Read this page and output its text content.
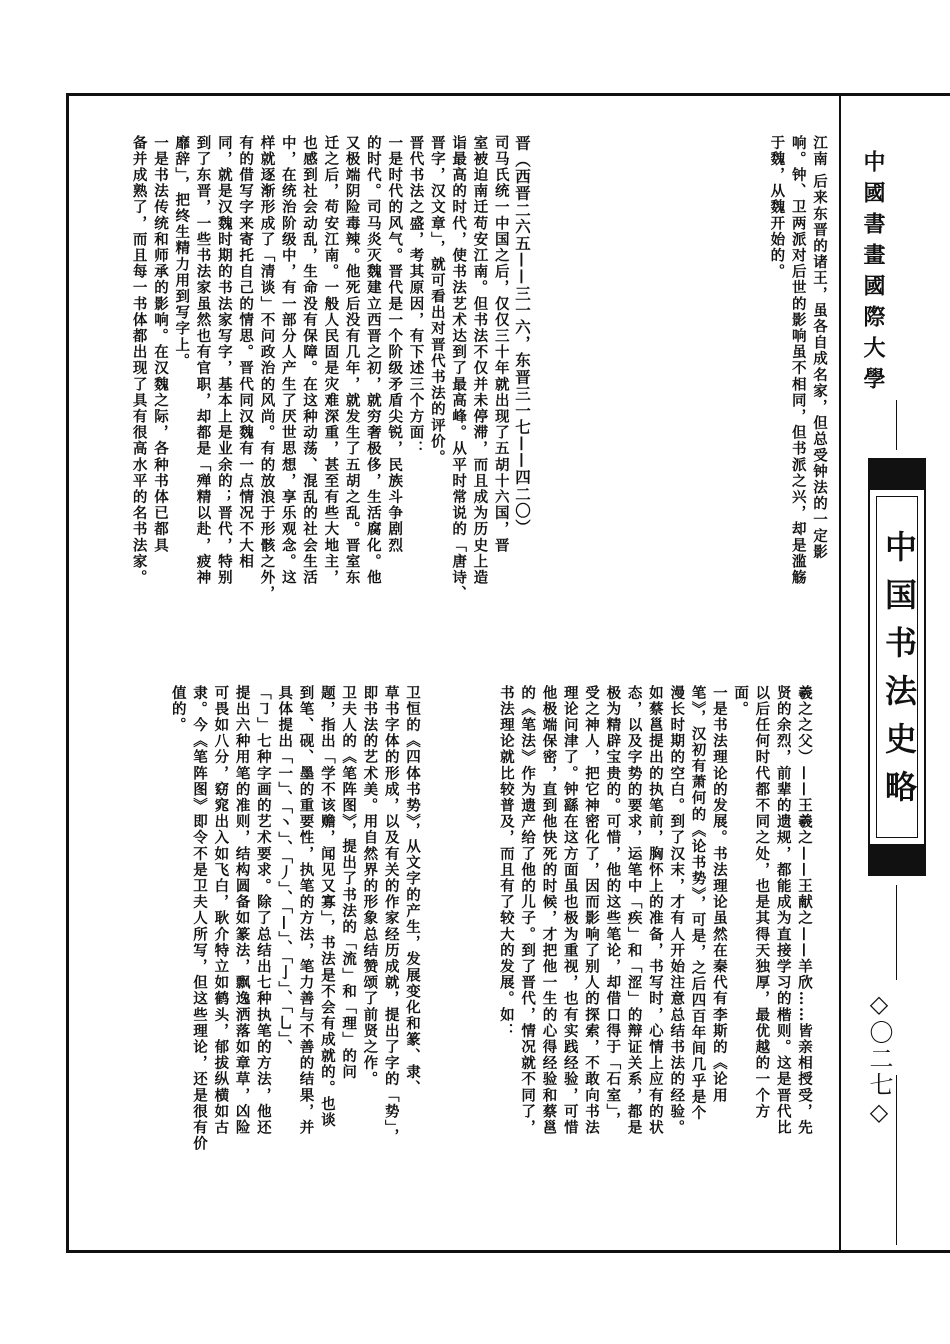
中國書畫國際大學
中国书法史略
◇〇二七◇
江南 后来东晋的诸王，虽各自成名家，但总受钟法的一定影
响。钟、卫两派对后世的影响虽不相同，但书派之兴，却是滥觞
于魏，从魏开始的。
晋（西晋二六五——三一六，东晋三一七——四二〇）
司马氏统一中国之后，仅仅三十年就出现了五胡十六国，晋
室被迫南迁苟安江南。但书法不仅并未停滞，而且成为历史上造
诣最高的时代，使书法艺术达到了最高峰。从平时常说的「唐诗、
晋字，汉文章」，就可看出对晋代书法的评价。
晋代书法之盛，考其原因，有下述三个方面：
一是时代的风气。晋代是一个阶级矛盾尖锐，民族斗争剧烈
的时代。司马炎灭魏建立西晋之初，就穷奢极侈，生活腐化。他
又极端阴险毒辣。他死后没有几年，就发生了五胡之乱。晋室东
迁之后，苟安江南。一般人民固是灾难深重，甚至有些大地主，
也感到社会动乱，生命没有保障。在这种动荡、混乱的社会生活
中，在统治阶级中，有一部分人产生了厌世思想，享乐观念。这
样就逐渐形成了「清谈」不问政治的风尚。有的放浪于形骸之外，
有的借写字来寄托自己的情思。晋代同汉魏有一点情况不大相
同，就是汉魏时期的书法家写字，基本上是业余的；晋代，特别
到了东晋，一些书法家虽然也有官职，却都是「殚精以赴，疲神
靡辞」，把终生精力用到写字上。
一是书法传统和师承的影响。在汉魏之际，各种书体已都具
备并成熟了，而且每一书体都出现了具有很高水平的名书法家。
羲之之父）——王羲之——王献之——羊欣……皆亲相授受，先
贤的余烈，前辈的遗规，都能成为直接学习的楷则。这是晋代比
以后任何时代都不同之处，也是其得天独厚，最优越的一个方
面。
一是书法理论的发展。书法理论虽然在秦代有李斯的《论用
笔》，汉初有萧何的《论书势》，可是，之后四百年间几乎是个
漫长时期的空白。到了汉末，才有人开始注意总结书法的经验。
如蔡邕提出的执笔前，胸怀上的准备，书写时，心情上应有的状
态，以及字势的要求，运笔中「疾」和「涩」的辩证关系，都是
极为精辟宝贵的。可惜，他的这些笔论，却借口得于「石室」，
受之神人，把它神密化了，因而影响了别人的探索，不敢向书法
理论问津了。钟繇在这方面虽也极为重视，也有实践经验，可惜
他极端保密，直到他快死的时候，才把他一生的心得经验和蔡邕
的《笔法》作为遗产给了他的儿子。到了晋代，情况就不同了，
书法理论就比较普及，而且有了较大的发展。如：
卫恒的《四体书势》，从文字的产生，发展变化和篆、隶、
草书字体的形成，以及有关的作家经历成就，提出了字的「势」，
即书法的艺术美。用自然界的形象总结赞颂了前贤之作。
卫夫人的《笔阵图》，提出了书法的「流」和「理」的问
题，指出「学不该赡，闻见又寡」，书法是不会有成就的。也谈
到笔、砚、墨的重要性，执笔的方法，笔力善与不善的结果，并
具体提出「一」、「丶」、「丿」、「—」、「亅」、「乚」、
「㇆」七种字画的艺术要求。除了总结出七种执笔的方法，他还
提出六种用笔的准则，结构圆备如篆法，飘逸洒落如章草，凶险
可畏如八分，窈窕出入如飞白，耿介特立如鹤头，郁拔纵横如古
隶。今《笔阵图》即令不是卫夫人所写，但这些理论，还是很有价
值的。
